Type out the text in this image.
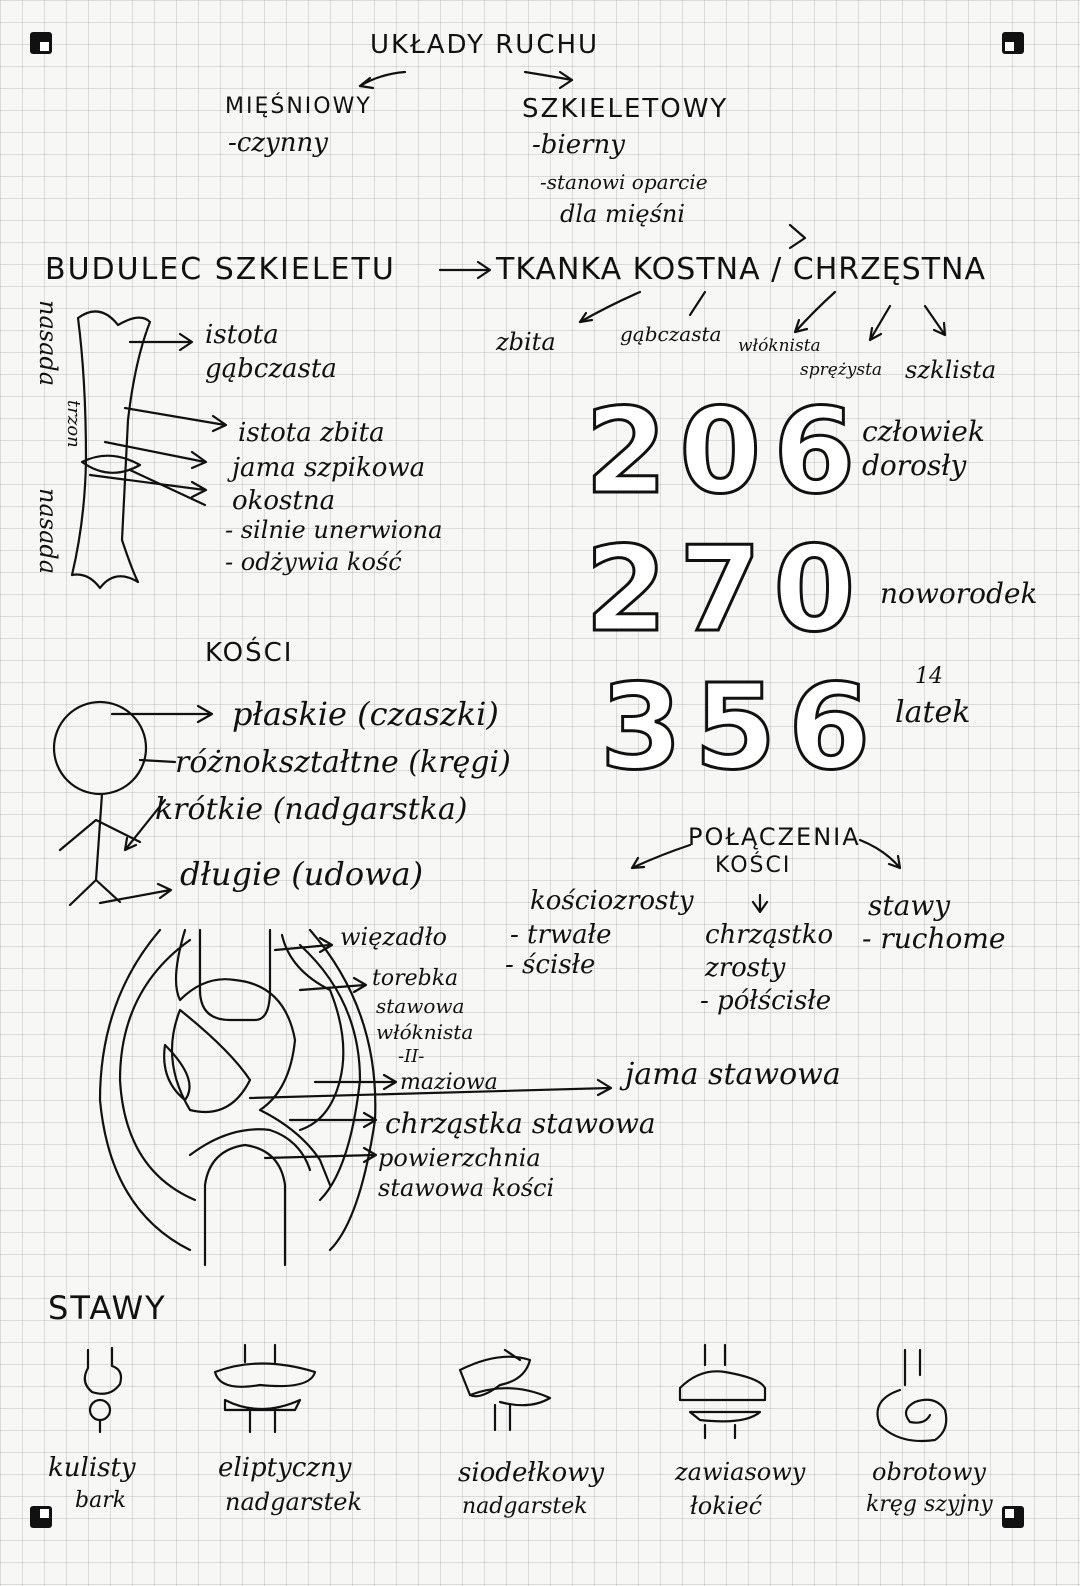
UKŁADY RUCHU
MIĘŚNIOWY
-czynny
SZKIELETOWY
-bierny
-stanowi oparcie
dla mięśni
BUDULEC SZKIELETU	TKANKA KOSTNA / CHRZĘSTNA
zbita	gąbczasta włóknista
sprężysta szklista
nasada
trzon
nasada
istota
gąbczasta
istota zbita
jama szpikowa
okostna
- silnie unerwiona
- odżywia kość
206
człowiek
dorosły
270 noworodek
356 14
latek
KOŚCI
płaskie (czaszki)
różnokształtne (kręgi)
krótkie (nadgarstka)
długie (udowa)
więzadło
torebka
stawowa
włóknista
-II-
maziowa	jama stawowa
chrząstka stawowa
powierzchnia
stawowa kości
POŁĄCZENIA
KOŚCI
kościozrosty
- trwałe
- ścisłe
chrząstko
zrosty
- półścisłe
stawy
- ruchome
STAWY
kulisty
bark
eliptyczny
nadgarstek
siodełkowy
nadgarstek
zawiasowy
łokieć
obrotowy
kręg szyjny
